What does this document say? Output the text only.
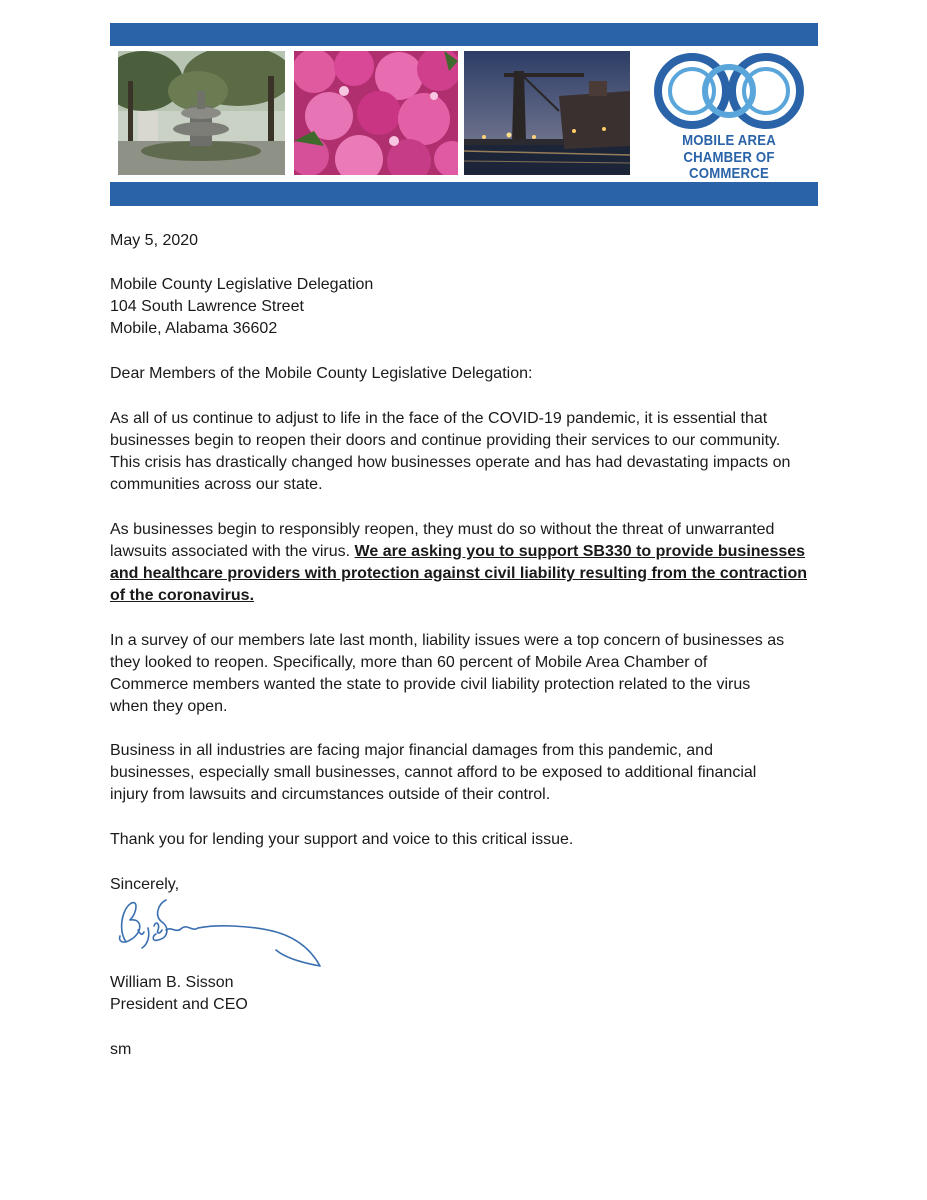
MOBILE AREA
CHAMBER OF COMMERCE
May 5, 2020
Mobile County Legislative Delegation
104 South Lawrence Street
Mobile, Alabama 36602
Dear Members of the Mobile County Legislative Delegation:
As all of us continue to adjust to life in the face of the COVID-19 pandemic, it is essential that
businesses begin to reopen their doors and continue providing their services to our community.
This crisis has drastically changed how businesses operate and has had devastating impacts on
communities across our state.
As businesses begin to responsibly reopen, they must do so without the threat of unwarranted
lawsuits associated with the virus. We are asking you to support SB330 to provide businesses
and healthcare providers with protection against civil liability resulting from the contraction
of the coronavirus.
In a survey of our members late last month, liability issues were a top concern of businesses as
they looked to reopen. Specifically, more than 60 percent of Mobile Area Chamber of
Commerce members wanted the state to provide civil liability protection related to the virus
when they open.
Business in all industries are facing major financial damages from this pandemic, and
businesses, especially small businesses, cannot afford to be exposed to additional financial
injury from lawsuits and circumstances outside of their control.
Thank you for lending your support and voice to this critical issue.
Sincerely,
William B. Sisson
President and CEO
sm
